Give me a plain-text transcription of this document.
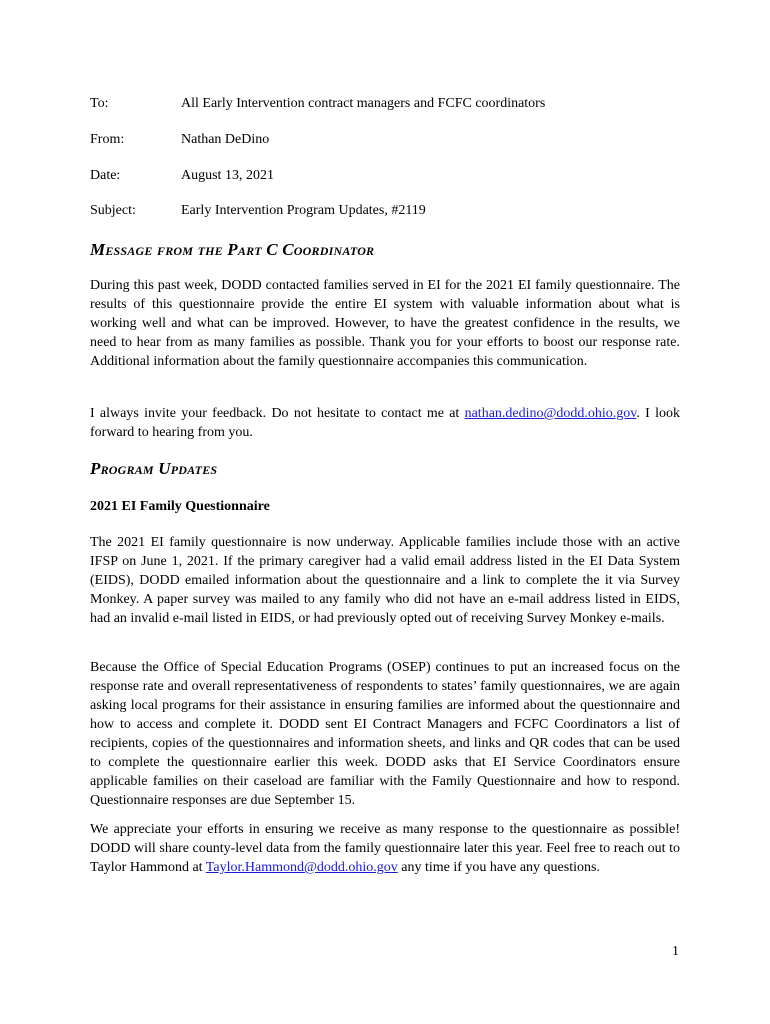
To:	All Early Intervention contract managers and FCFC coordinators
From:	Nathan DeDino
Date:	August 13, 2021
Subject:	Early Intervention Program Updates, #2119
Message from the Part C Coordinator

During this past week, DODD contacted families served in EI for the 2021 EI family questionnaire. The results of this questionnaire provide the entire EI system with valuable information about what is working well and what can be improved. However, to have the greatest confidence in the results, we need to hear from as many families as possible. Thank you for your efforts to boost our response rate. Additional information about the family questionnaire accompanies this communication.

I always invite your feedback. Do not hesitate to contact me at nathan.dedino@dodd.ohio.gov. I look forward to hearing from you.

Program Updates
2021 EI Family Questionnaire

The 2021 EI family questionnaire is now underway. Applicable families include those with an active IFSP on June 1, 2021. If the primary caregiver had a valid email address listed in the EI Data System (EIDS), DODD emailed information about the questionnaire and a link to complete the it via Survey Monkey. A paper survey was mailed to any family who did not have an e-mail address listed in EIDS, had an invalid e-mail listed in EIDS, or had previously opted out of receiving Survey Monkey e-mails.

Because the Office of Special Education Programs (OSEP) continues to put an increased focus on the response rate and overall representativeness of respondents to states’ family questionnaires, we are again asking local programs for their assistance in ensuring families are informed about the questionnaire and how to access and complete it. DODD sent EI Contract Managers and FCFC Coordinators a list of recipients, copies of the questionnaires and information sheets, and links and QR codes that can be used to complete the questionnaire earlier this week. DODD asks that EI Service Coordinators ensure applicable families on their caseload are familiar with the Family Questionnaire and how to respond. Questionnaire responses are due September 15.

We appreciate your efforts in ensuring we receive as many response to the questionnaire as possible! DODD will share county-level data from the family questionnaire later this year. Feel free to reach out to Taylor Hammond at Taylor.Hammond@dodd.ohio.gov any time if you have any questions.

1
